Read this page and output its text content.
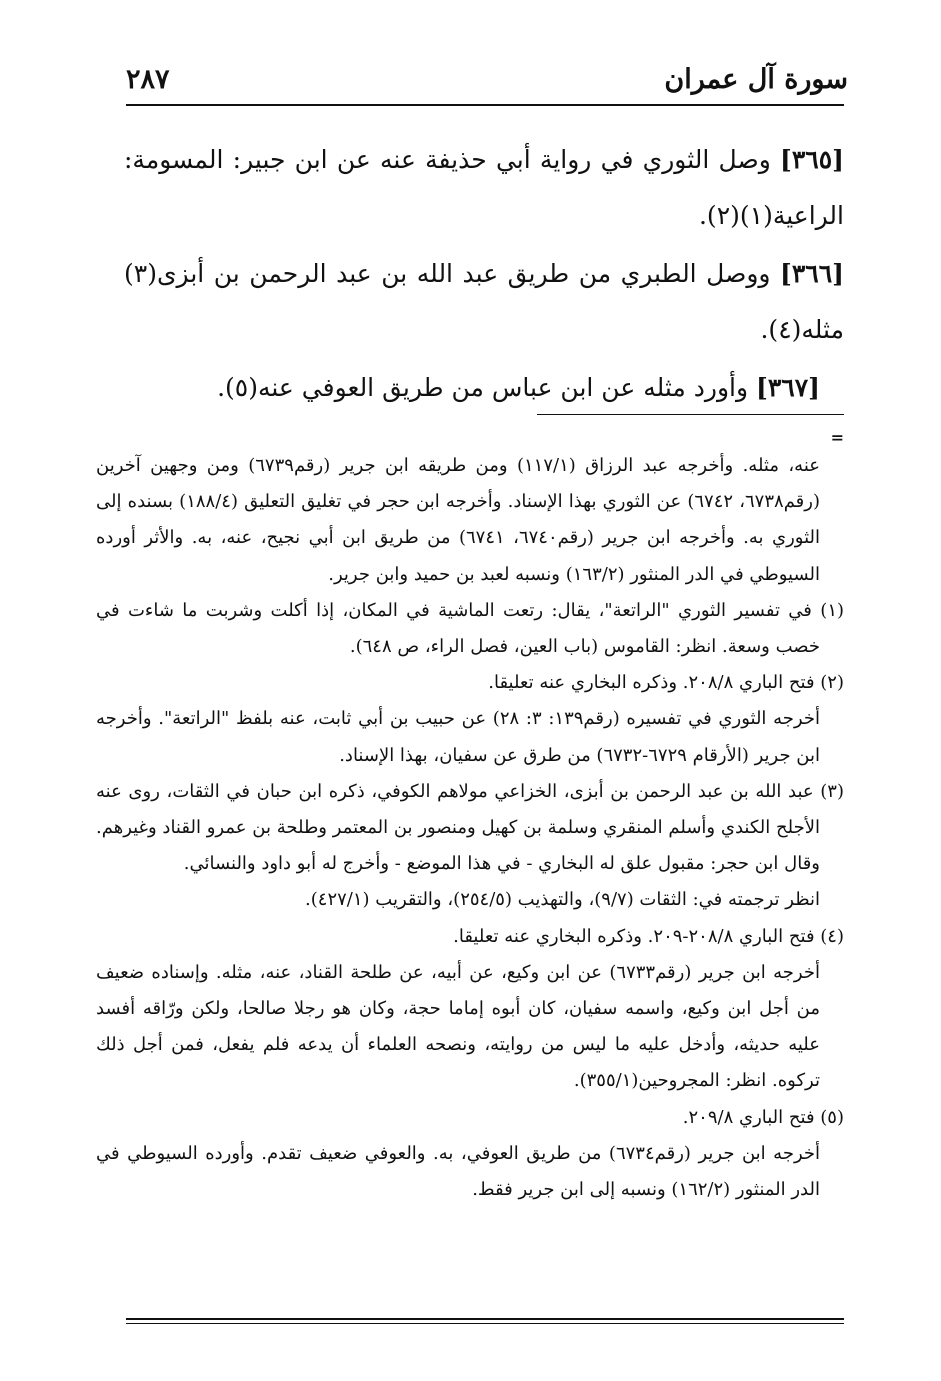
سورة آل عمران
٢٨٧

[٣٦٥] وصل الثوري في رواية أبي حذيفة عنه عن ابن جبير: المسومة: الراعية(١)(٢).

[٣٦٦] ووصل الطبري من طريق عبد الله بن عبد الرحمن بن أبزى(٣) مثله(٤).

[٣٦٧] وأورد مثله عن ابن عباس من طريق العوفي عنه(٥).

=

عنه، مثله. وأخرجه عبد الرزاق (١١٧/١) ومن طريقه ابن جرير (رقم٦٧٣٩) ومن وجهين آخرين (رقم٦٧٣٨، ٦٧٤٢) عن الثوري بهذا الإسناد. وأخرجه ابن حجر في تغليق التعليق (١٨٨/٤) بسنده إلى الثوري به. وأخرجه ابن جرير (رقم٦٧٤٠، ٦٧٤١) من طريق ابن أبي نجيح، عنه، به. والأثر أورده السيوطي في الدر المنثور (١٦٣/٢) ونسبه لعبد بن حميد وابن جرير.

(١) في تفسير الثوري "الراتعة"، يقال: رتعت الماشية في المكان، إذا أكلت وشربت ما شاءت في خصب وسعة. انظر: القاموس (باب العين، فصل الراء، ص ٦٤٨).

(٢) فتح الباري ٢٠٨/٨. وذكره البخاري عنه تعليقا.

أخرجه الثوري في تفسيره (رقم١٣٩: ٣: ٢٨) عن حبيب بن أبي ثابت، عنه بلفظ "الراتعة". وأخرجه ابن جرير (الأرقام ٦٧٢٩-٦٧٣٢) من طرق عن سفيان، بهذا الإسناد.

(٣) عبد الله بن عبد الرحمن بن أبزى، الخزاعي مولاهم الكوفي، ذكره ابن حبان في الثقات، روى عنه الأجلح الكندي وأسلم المنقري وسلمة بن كهيل ومنصور بن المعتمر وطلحة بن عمرو القناد وغيرهم. وقال ابن حجر: مقبول علق له البخاري - في هذا الموضع - وأخرج له أبو داود والنسائي.

انظر ترجمته في: الثقات (٩/٧)، والتهذيب (٢٥٤/٥)، والتقريب (٤٢٧/١).

(٤) فتح الباري ٢٠٨/٨-٢٠٩. وذكره البخاري عنه تعليقا.

أخرجه ابن جرير (رقم٦٧٣٣) عن ابن وكيع، عن أبيه، عن طلحة القناد، عنه، مثله. وإسناده ضعيف من أجل ابن وكيع، واسمه سفيان، كان أبوه إماما حجة، وكان هو رجلا صالحا، ولكن ورّاقه أفسد عليه حديثه، وأدخل عليه ما ليس من روايته، ونصحه العلماء أن يدعه فلم يفعل، فمن أجل ذلك تركوه. انظر: المجروحين(٣٥٥/١).

(٥) فتح الباري ٢٠٩/٨.

أخرجه ابن جرير (رقم٦٧٣٤) من طريق العوفي، به. والعوفي ضعيف تقدم. وأورده السيوطي في الدر المنثور (١٦٢/٢) ونسبه إلى ابن جرير فقط.
